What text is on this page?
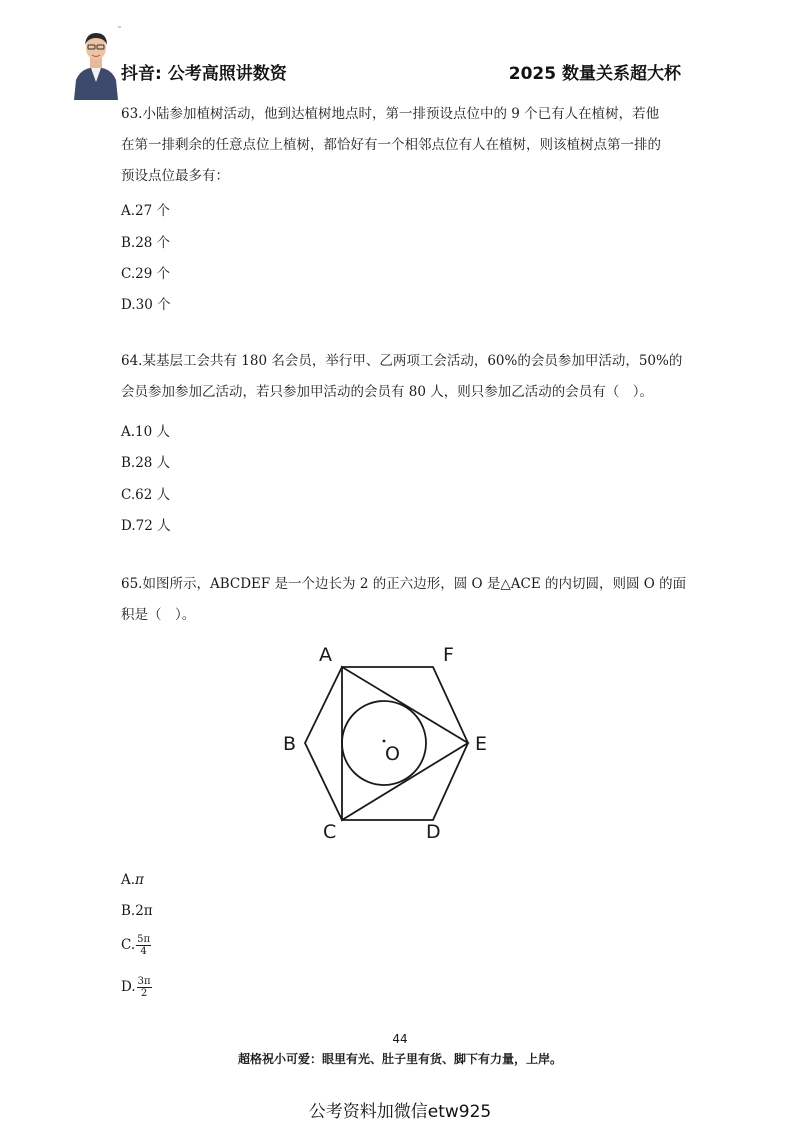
™
抖音: 公考高照讲数资	2025 数量关系超大杯
63.小陆参加植树活动，他到达植树地点时，第一排预设点位中的 9 个已有人在植树，若他
在第一排剩余的任意点位上植树，都恰好有一个相邻点位有人在植树，则该植树点第一排的
预设点位最多有：
A.27 个
B.28 个
C.29 个
D.30 个
64.某基层工会共有 180 名会员，举行甲、乙两项工会活动，60%的会员参加甲活动，50%的
会员参加参加乙活动，若只参加甲活动的会员有 80 人，则只参加乙活动的会员有（　）。
A.10 人
B.28 人
C.62 人
D.72 人
65.如图所示，ABCDEF 是一个边长为 2 的正六边形，圆 O 是△ACE 的内切圆，则圆 O 的面
积是（　）。
A	F
B	E
O
C	D
A.π
B.2π
C. $\frac{5\pi}{4}$
D. $\frac{3\pi}{2}$
44
超格祝小可爱：眼里有光、肚子里有货、脚下有力量，上岸。
公考资料加微信etw925
